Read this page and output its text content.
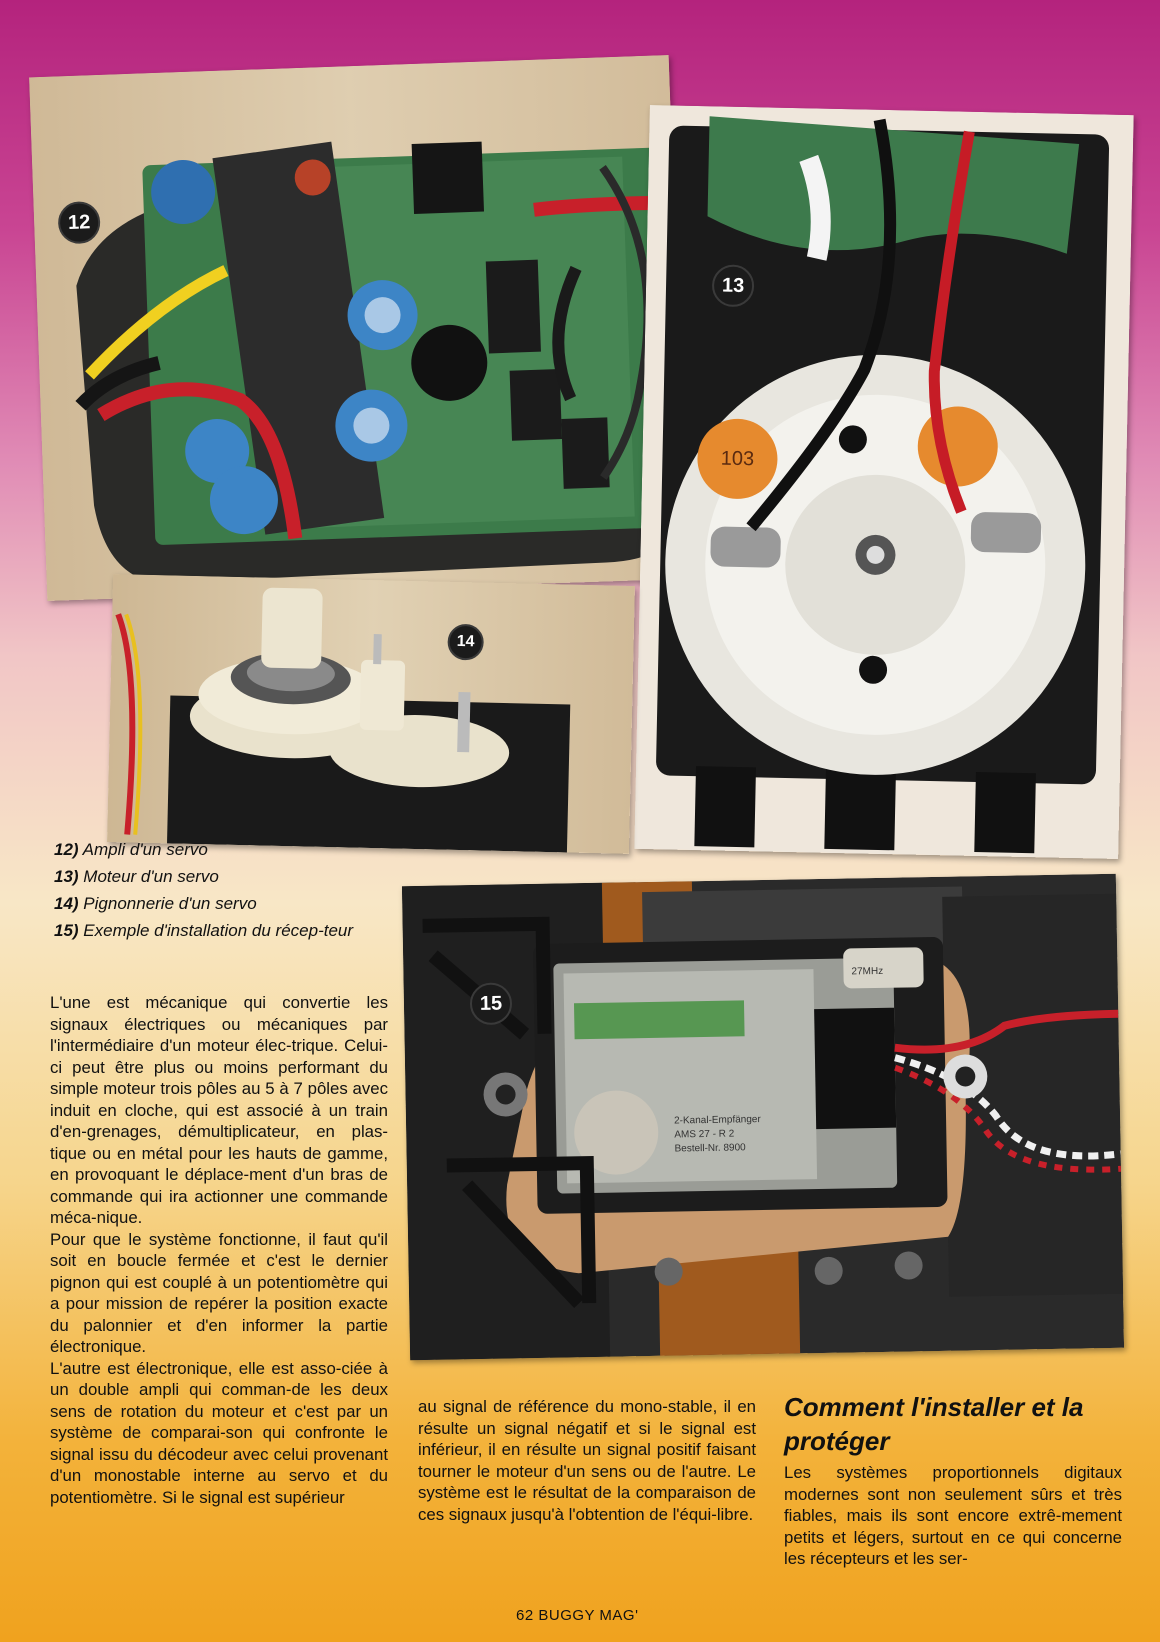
12
103
13
14
2-Kanal-Empfänger
AMS 27 - R 2
Bestell-Nr. 8900
27MHz
15

12) Ampli d'un servo

13) Moteur d'un servo

14) Pignonnerie d'un servo

15) Exemple d'installation du récep-teur

L'une est mécanique qui convertie les signaux électriques ou mécaniques par l'intermédiaire d'un moteur élec-trique. Celui-ci peut être plus ou moins performant du simple moteur trois pôles au 5 à 7 pôles avec induit en cloche, qui est associé à un train d'en-grenages, démultiplicateur, en plas-tique ou en métal pour les hauts de gamme, en provoquant le déplace-ment d'un bras de commande qui ira actionner une commande méca-nique.

Pour que le système fonctionne, il faut qu'il soit en boucle fermée et c'est le dernier pignon qui est couplé à un potentiomètre qui a pour mission de repérer la position exacte du palonnier et d'en informer la partie électronique.

L'autre est électronique, elle est asso-ciée à un double ampli qui comman-de les deux sens de rotation du moteur et c'est par un système de comparai-son qui confronte le signal issu du décodeur avec celui provenant d'un monostable interne au servo et du potentiomètre. Si le signal est supérieur

au signal de référence du mono-stable, il en résulte un signal négatif et si le signal est inférieur, il en résulte un signal positif faisant tourner le moteur d'un sens ou de l'autre. Le système est le résultat de la comparaison de ces signaux jusqu'à l'obtention de l'équi-libre.

Comment l'installer et la protéger

Les systèmes proportionnels digitaux modernes sont non seulement sûrs et très fiables, mais ils sont encore extrê-mement petits et légers, surtout en ce qui concerne les récepteurs et les ser-

62 BUGGY MAG'
